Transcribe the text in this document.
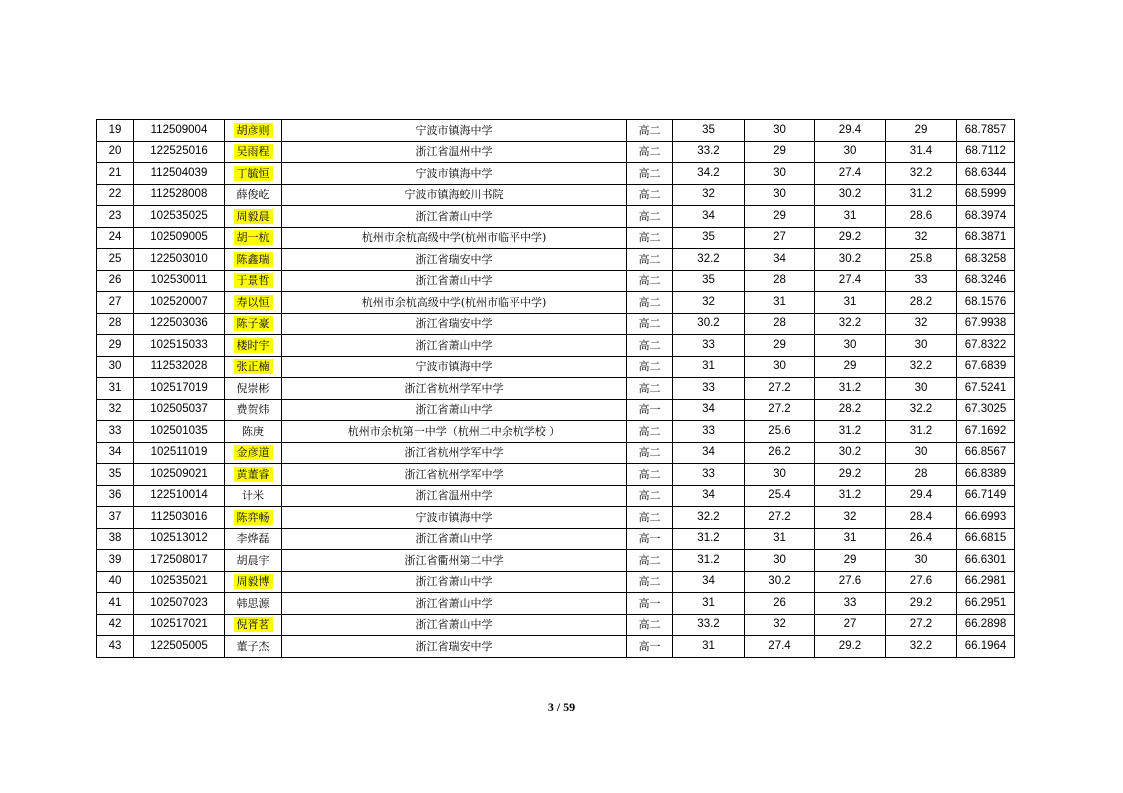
19	112509004	胡彦则	宁波市镇海中学	高二	35	30	29.4	29	68.7857
20	122525016	吴雨程	浙江省温州中学	高二	33.2	29	30	31.4	68.7112
21	112504039	丁毓恒	宁波市镇海中学	高二	34.2	30	27.4	32.2	68.6344
22	112528008	薛俊屹	宁波市镇海蛟川书院	高二	32	30	30.2	31.2	68.5999
23	102535025	周毅晨	浙江省萧山中学	高二	34	29	31	28.6	68.3974
24	102509005	胡一杭	杭州市余杭高级中学(杭州市临平中学)	高二	35	27	29.2	32	68.3871
25	122503010	陈鑫瑞	浙江省瑞安中学	高二	32.2	34	30.2	25.8	68.3258
26	102530011	于景哲	浙江省萧山中学	高二	35	28	27.4	33	68.3246
27	102520007	寿以恒	杭州市余杭高级中学(杭州市临平中学)	高二	32	31	31	28.2	68.1576
28	122503036	陈子豪	浙江省瑞安中学	高二	30.2	28	32.2	32	67.9938
29	102515033	楼时宇	浙江省萧山中学	高二	33	29	30	30	67.8322
30	112532028	张正楠	宁波市镇海中学	高二	31	30	29	32.2	67.6839
31	102517019	倪崇彬	浙江省杭州学军中学	高二	33	27.2	31.2	30	67.5241
32	102505037	费贺炜	浙江省萧山中学	高一	34	27.2	28.2	32.2	67.3025
33	102501035	陈庚	杭州市余杭第一中学（杭州二中余杭学校 ）	高二	33	25.6	31.2	31.2	67.1692
34	102511019	金彦道	浙江省杭州学军中学	高二	34	26.2	30.2	30	66.8567
35	102509021	黄董睿	浙江省杭州学军中学	高二	33	30	29.2	28	66.8389
36	122510014	计米	浙江省温州中学	高二	34	25.4	31.2	29.4	66.7149
37	112503016	陈弈畅	宁波市镇海中学	高二	32.2	27.2	32	28.4	66.6993
38	102513012	李烨磊	浙江省萧山中学	高一	31.2	31	31	26.4	66.6815
39	172508017	胡晨宇	浙江省衢州第二中学	高二	31.2	30	29	30	66.6301
40	102535021	周毅博	浙江省萧山中学	高二	34	30.2	27.6	27.6	66.2981
41	102507023	韩思源	浙江省萧山中学	高一	31	26	33	29.2	66.2951
42	102517021	倪胥茗	浙江省萧山中学	高二	33.2	32	27	27.2	66.2898
43	122505005	董子杰	浙江省瑞安中学	高一	31	27.4	29.2	32.2	66.1964
3 / 59
